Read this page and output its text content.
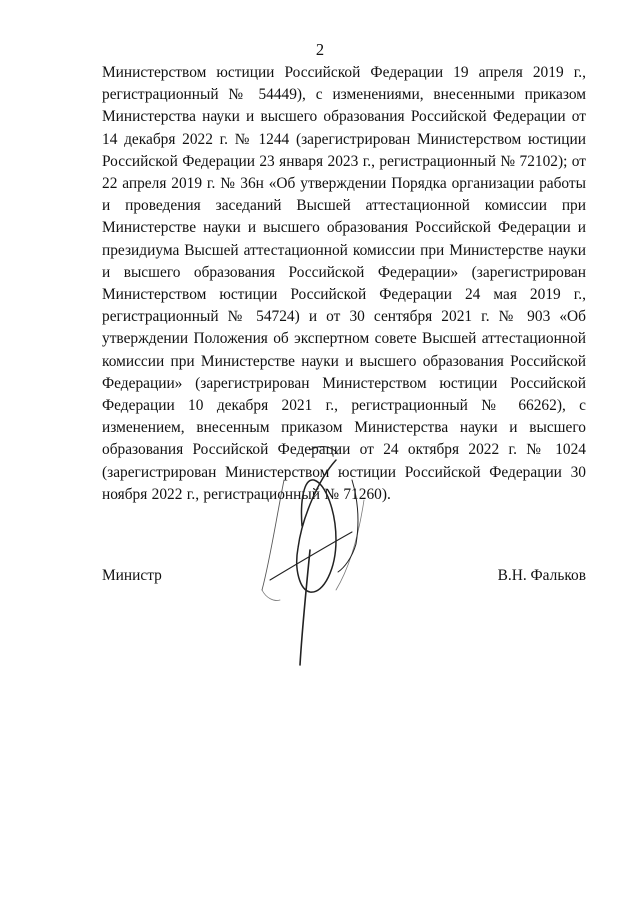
2

Министерством юстиции Российской Федерации 19 апреля 2019 г., регистрационный № 54449), с изменениями, внесенными приказом Министерства науки и высшего образования Российской Федерации от 14 декабря 2022 г. № 1244 (зарегистрирован Министерством юстиции Российской Федерации 23 января 2023 г., регистрационный № 72102); от 22 апреля 2019 г. № 36н «Об утверждении Порядка организации работы и проведения заседаний Высшей аттестационной комиссии при Министерстве науки и высшего образования Российской Федерации и президиума Высшей аттестационной комиссии при Министерстве науки и высшего образования Российской Федерации» (зарегистрирован Министерством юстиции Российской Федерации 24 мая 2019 г., регистрационный № 54724) и от 30 сентября 2021 г. № 903 «Об утверждении Положения об экспертном совете Высшей аттестационной комиссии при Министерстве науки и высшего образования Российской Федерации» (зарегистрирован Министерством юстиции Российской Федерации 10 декабря 2021 г., регистрационный № 66262), с изменением, внесенным приказом Министерства науки и высшего образования Российской Федерации от 24 октября 2022 г. № 1024 (зарегистрирован Министерством юстиции Российской Федерации 30 ноября 2022 г., регистрационный № 71260).

Министр	В.Н. Фальков
